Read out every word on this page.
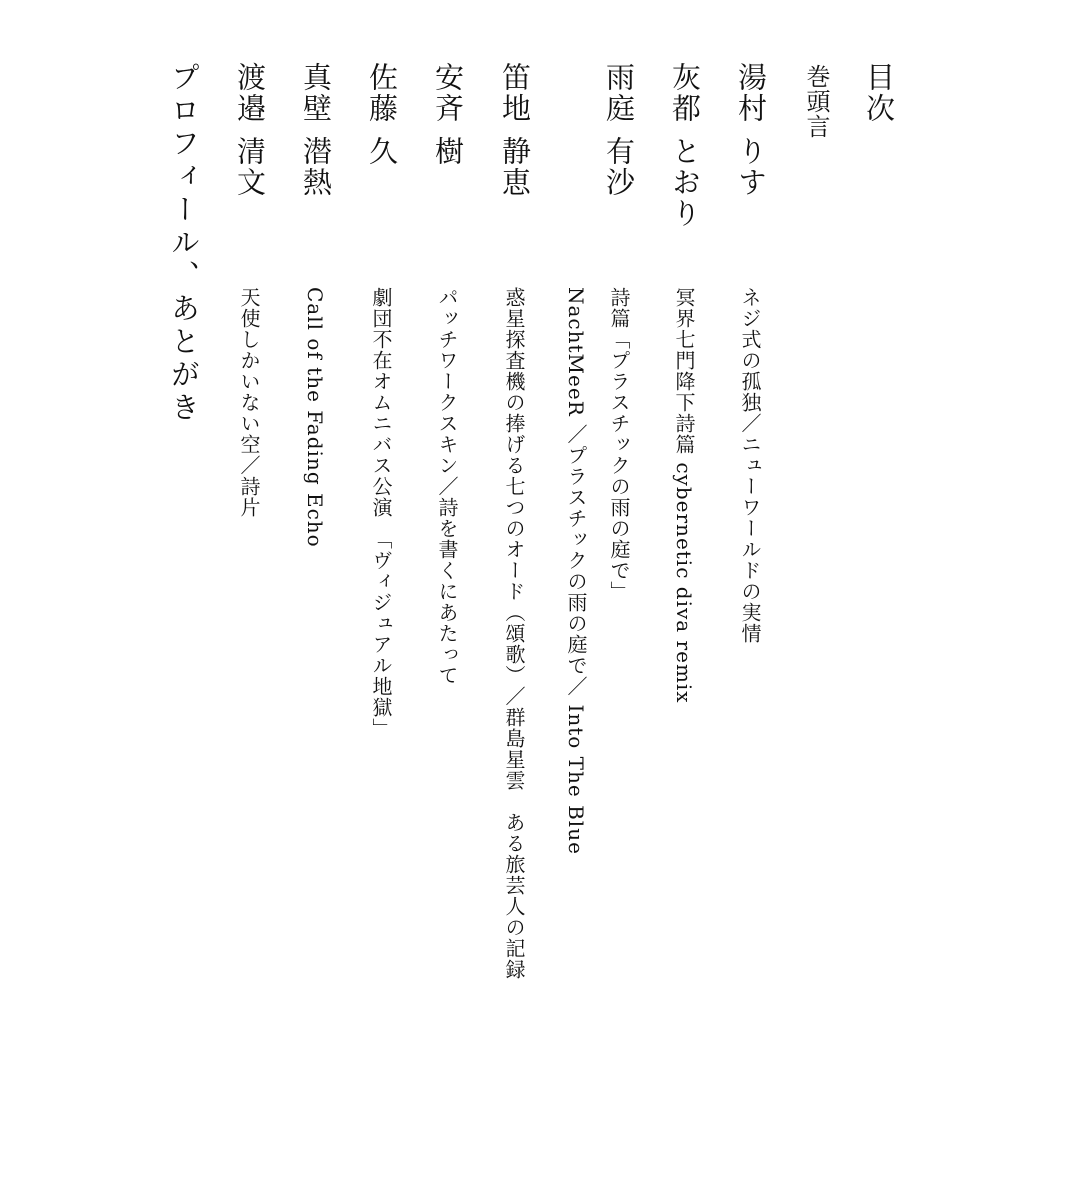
目次
巻頭言
湯村りす
ネジ式の孤独／ニューワールドの実情
灰都とおり
冥界七門降下詩篇 cybernetic diva remix
雨庭有沙
詩篇「プラスチックの雨の庭で」
NachtMeeR ／プラスチックの雨の庭で／ Into The Blue
笛地静恵
惑星探査機の捧げる七つのオード（頌歌）／群島星雲　ある旅芸人の記録
安斉樹
パッチワークスキン／詩を書くにあたって
佐藤久
劇団不在オムニバス公演　「ヴィジュアル地獄」
真壁潜熱
Call of the Fading Echo
渡邉清文
天使しかいない空／詩片
プロフィール、あとがき
